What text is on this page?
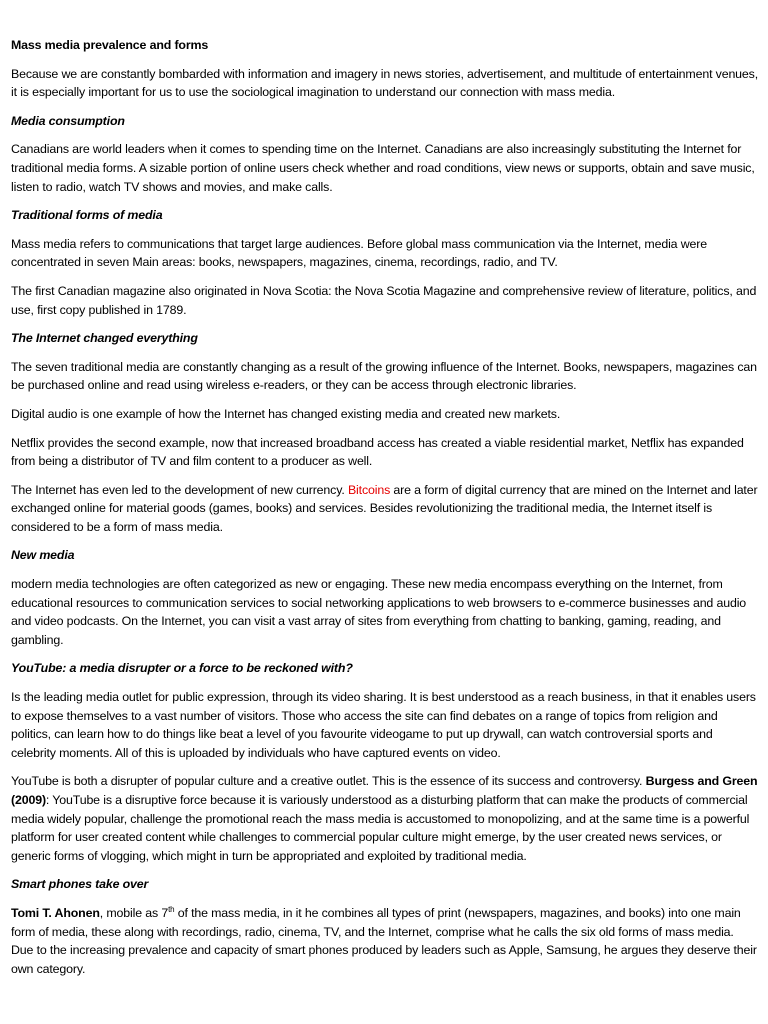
Mass media prevalence and forms

Because we are constantly bombarded with information and imagery in news stories, advertisement, and multitude of entertainment venues, it is especially important for us to use the sociological imagination to understand our connection with mass media.

Media consumption

Canadians are world leaders when it comes to spending time on the Internet. Canadians are also increasingly substituting the Internet for traditional media forms. A sizable portion of online users check whether and road conditions, view news or supports, obtain and save music, listen to radio, watch TV shows and movies, and make calls.

Traditional forms of media

Mass media refers to communications that target large audiences. Before global mass communication via the Internet, media were concentrated in seven Main areas: books, newspapers, magazines, cinema, recordings, radio, and TV.

The first Canadian magazine also originated in Nova Scotia: the Nova Scotia Magazine and comprehensive review of literature, politics, and use, first copy published in 1789.

The Internet changed everything

The seven traditional media are constantly changing as a result of the growing influence of the Internet. Books, newspapers, magazines can be purchased online and read using wireless e-readers, or they can be access through electronic libraries.

Digital audio is one example of how the Internet has changed existing media and created new markets.

Netflix provides the second example, now that increased broadband access has created a viable residential market, Netflix has expanded from being a distributor of TV and film content to a producer as well.

The Internet has even led to the development of new currency. Bitcoins are a form of digital currency that are mined on the Internet and later exchanged online for material goods (games, books) and services. Besides revolutionizing the traditional media, the Internet itself is considered to be a form of mass media.

New media

modern media technologies are often categorized as new or engaging. These new media encompass everything on the Internet, from educational resources to communication services to social networking applications to web browsers to e-commerce businesses and audio and video podcasts. On the Internet, you can visit a vast array of sites from everything from chatting to banking, gaming, reading, and gambling.

YouTube: a media disrupter or a force to be reckoned with?

Is the leading media outlet for public expression, through its video sharing. It is best understood as a reach business, in that it enables users to expose themselves to a vast number of visitors. Those who access the site can find debates on a range of topics from religion and politics, can learn how to do things like beat a level of you favourite videogame to put up drywall, can watch controversial sports and celebrity moments. All of this is uploaded by individuals who have captured events on video.

YouTube is both a disrupter of popular culture and a creative outlet. This is the essence of its success and controversy. Burgess and Green (2009): YouTube is a disruptive force because it is variously understood as a disturbing platform that can make the products of commercial media widely popular, challenge the promotional reach the mass media is accustomed to monopolizing, and at the same time is a powerful platform for user created content while challenges to commercial popular culture might emerge, by the user created news services, or generic forms of vlogging, which might in turn be appropriated and exploited by traditional media.

Smart phones take over

Tomi T. Ahonen, mobile as 7th of the mass media, in it he combines all types of print (newspapers, magazines, and books) into one main form of media, these along with recordings, radio, cinema, TV, and the Internet, comprise what he calls the six old forms of mass media. Due to the increasing prevalence and capacity of smart phones produced by leaders such as Apple, Samsung, he argues they deserve their own category.
